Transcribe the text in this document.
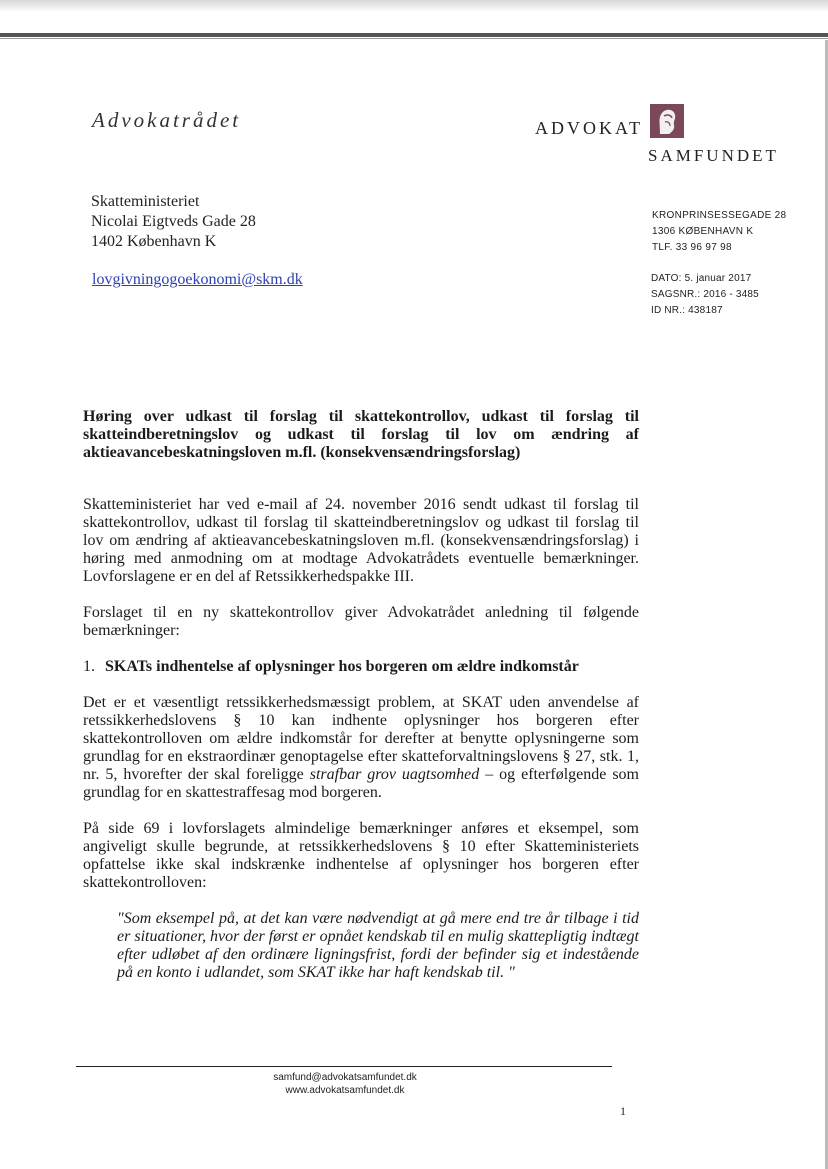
Advokatrådet	ADVOKAT
SAMFUNDET
Skatteministeriet
Nicolai Eigtveds Gade 28
1402 København K
lovgivningogoekonomi@skm.dk
KRONPRINSESSEGADE 28
1306 KØBENHAVN K
TLF. 33 96 97 98
DATO: 5. januar 2017
SAGSNR.: 2016 - 3485
ID NR.: 438187

Høring over udkast til forslag til skattekontrollov, udkast til forslag til skatteindberetningslov og udkast til forslag til lov om ændring af aktieavancebeskatningsloven m.fl. (konsekvensændringsforslag)

Skatteministeriet har ved e-mail af 24. november 2016 sendt udkast til forslag til skattekontrollov, udkast til forslag til skatteindberetningslov og udkast til forslag til lov om ændring af aktieavancebeskatningsloven m.fl. (konsekvensændringsforslag) i høring med anmodning om at modtage Advokatrådets eventuelle bemærkninger. Lovforslagene er en del af Retssikkerhedspakke III.

Forslaget til en ny skattekontrollov giver Advokatrådet anledning til følgende bemærkninger:

1. SKATs indhentelse af oplysninger hos borgeren om ældre indkomstår

Det er et væsentligt retssikkerhedsmæssigt problem, at SKAT uden anvendelse af retssikkerhedslovens § 10 kan indhente oplysninger hos borgeren efter skattekontrolloven om ældre indkomstår for derefter at benytte oplysningerne som grundlag for en ekstraordinær genoptagelse efter skatteforvaltningslovens § 27, stk. 1, nr. 5, hvorefter der skal foreligge strafbar grov uagtsomhed – og efterfølgende som grundlag for en skattestraffesag mod borgeren.

På side 69 i lovforslagets almindelige bemærkninger anføres et eksempel, som angiveligt skulle begrunde, at retssikkerhedslovens § 10 efter Skatteministeriets opfattelse ikke skal indskrænke indhentelse af oplysninger hos borgeren efter skattekontrolloven:

"Som eksempel på, at det kan være nødvendigt at gå mere end tre år tilbage i tid er situationer, hvor der først er opnået kendskab til en mulig skattepligtig indtægt efter udløbet af den ordinære ligningsfrist, fordi der befinder sig et indestående på en konto i udlandet, som SKAT ikke har haft kendskab til. "

samfund@advokatsamfundet.dk
www.advokatsamfundet.dk
1
